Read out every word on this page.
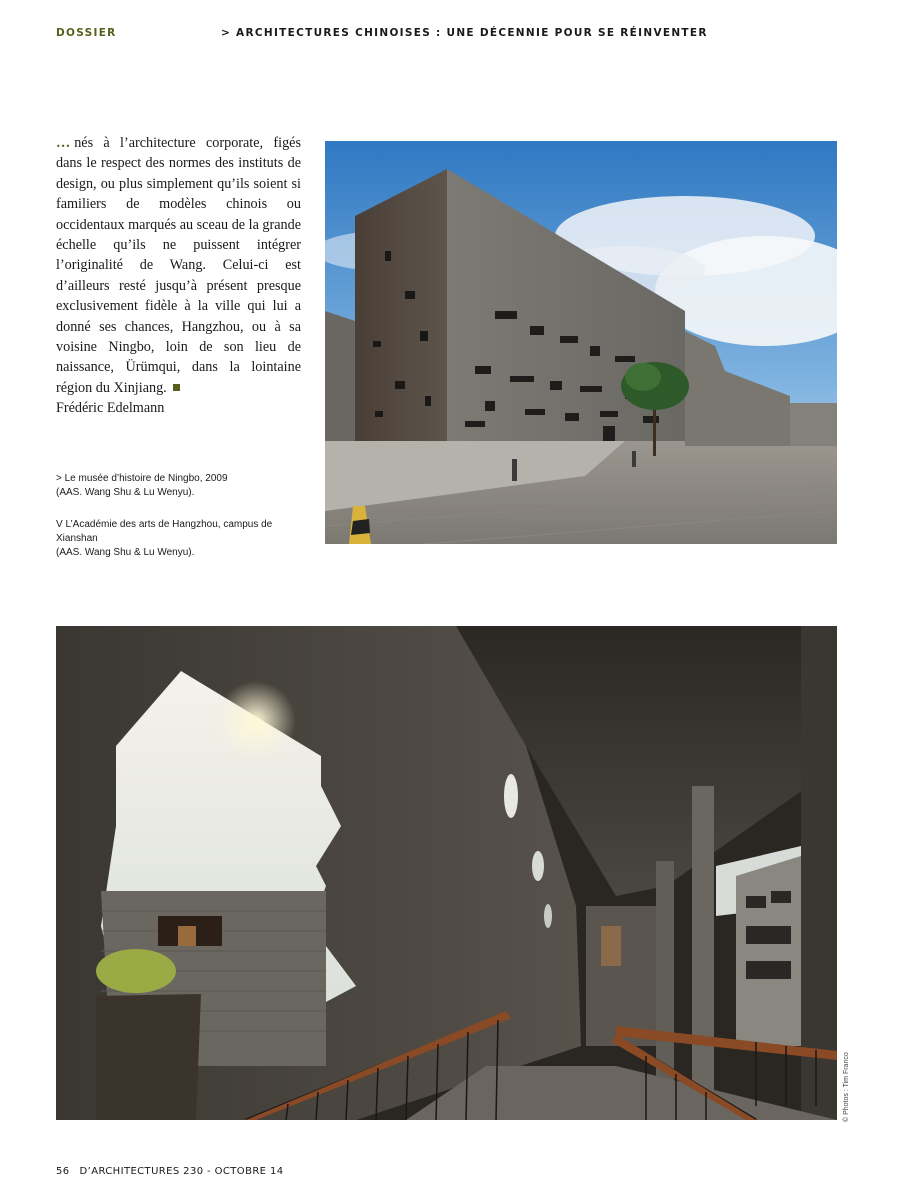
DOSSIER	> ARCHITECTURES CHINOISES : UNE DÉCENNIE POUR SE RÉINVENTER
… nés à l’architecture corporate, figés dans le respect des normes des instituts de design, ou plus simplement qu’ils soient si familiers de modèles chinois ou occidentaux marqués au sceau de la grande échelle qu’ils ne puissent intégrer l’originalité de Wang. Celui-ci est d’ailleurs resté jusqu’à présent presque exclusivement fidèle à la ville qui lui a donné ses chances, Hangzhou, ou à sa voisine Ningbo, loin de son lieu de naissance, Ürümqui, dans la lointaine région du Xinjiang.
Frédéric Edelmann
> Le musée d’histoire de Ningbo, 2009
(AAS. Wang Shu & Lu Wenyu).
V L’Académie des arts de Hangzhou, campus de Xianshan
(AAS. Wang Shu & Lu Wenyu).
© Photos : Tim Franco
56 D’ARCHITECTURES 230 - OCTOBRE 14
